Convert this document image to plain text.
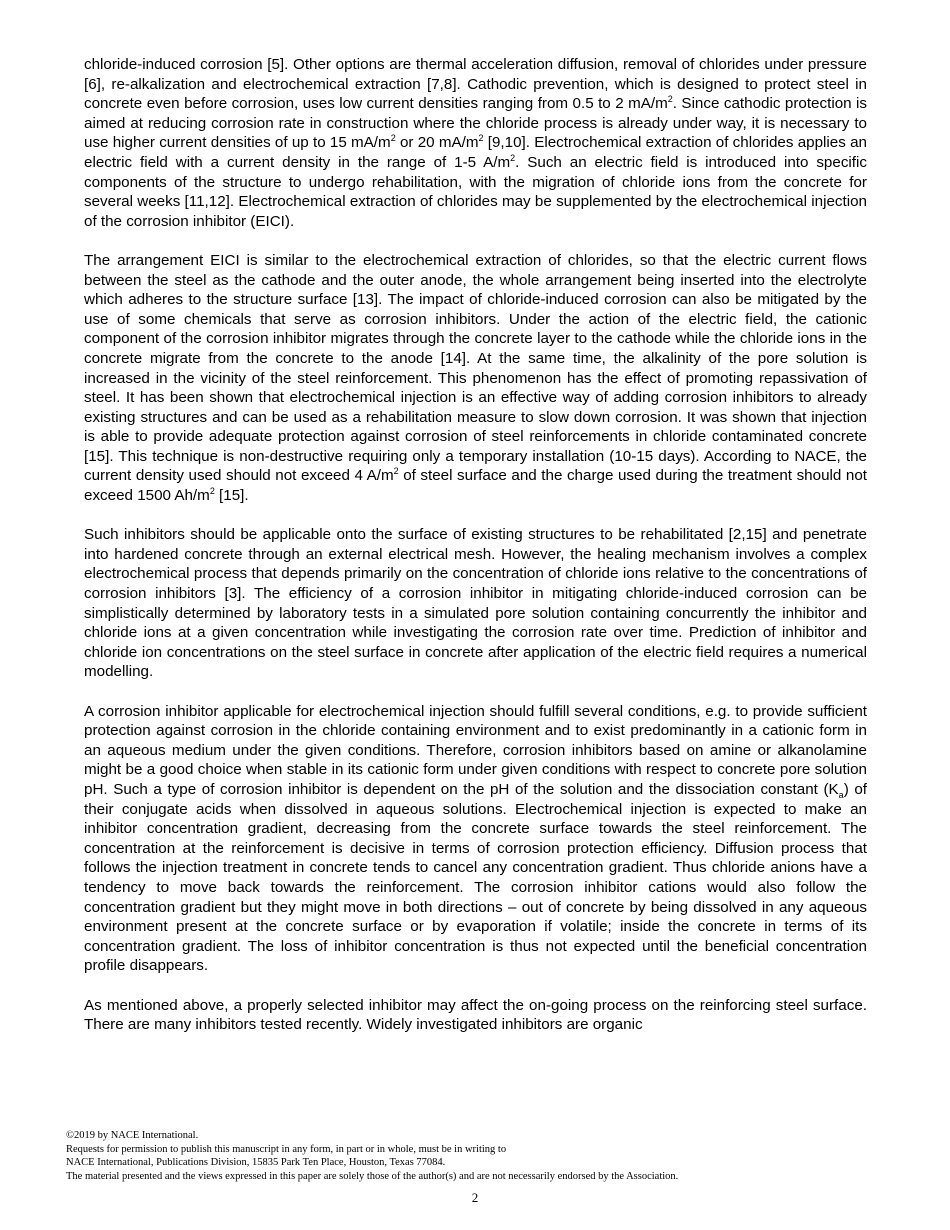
chloride-induced corrosion [5]. Other options are thermal acceleration diffusion, removal of chlorides under pressure [6], re-alkalization and electrochemical extraction [7,8]. Cathodic prevention, which is designed to protect steel in concrete even before corrosion, uses low current densities ranging from 0.5 to 2 $mA/m^2$. Since cathodic protection is aimed at reducing corrosion rate in construction where the chloride process is already under way, it is necessary to use higher current densities of up to 15 $mA/m^2$ or 20 $mA/m^2$ [9,10]. Electrochemical extraction of chlorides applies an electric field with a current density in the range of 1-5 $A/m^2$. Such an electric field is introduced into specific components of the structure to undergo rehabilitation, with the migration of chloride ions from the concrete for several weeks [11,12]. Electrochemical extraction of chlorides may be supplemented by the electrochemical injection of the corrosion inhibitor (EICI).

The arrangement EICI is similar to the electrochemical extraction of chlorides, so that the electric current flows between the steel as the cathode and the outer anode, the whole arrangement being inserted into the electrolyte which adheres to the structure surface [13]. The impact of chloride-induced corrosion can also be mitigated by the use of some chemicals that serve as corrosion inhibitors. Under the action of the electric field, the cationic component of the corrosion inhibitor migrates through the concrete layer to the cathode while the chloride ions in the concrete migrate from the concrete to the anode [14]. At the same time, the alkalinity of the pore solution is increased in the vicinity of the steel reinforcement. This phenomenon has the effect of promoting repassivation of steel. It has been shown that electrochemical injection is an effective way of adding corrosion inhibitors to already existing structures and can be used as a rehabilitation measure to slow down corrosion. It was shown that injection is able to provide adequate protection against corrosion of steel reinforcements in chloride contaminated concrete [15]. This technique is non-destructive requiring only a temporary installation (10-15 days). According to NACE, the current density used should not exceed 4 $A/m^2$ of steel surface and the charge used during the treatment should not exceed 1500 $Ah/m^2$ [15].

Such inhibitors should be applicable onto the surface of existing structures to be rehabilitated [2,15] and penetrate into hardened concrete through an external electrical mesh. However, the healing mechanism involves a complex electrochemical process that depends primarily on the concentration of chloride ions relative to the concentrations of corrosion inhibitors [3]. The efficiency of a corrosion inhibitor in mitigating chloride-induced corrosion can be simplistically determined by laboratory tests in a simulated pore solution containing concurrently the inhibitor and chloride ions at a given concentration while investigating the corrosion rate over time. Prediction of inhibitor and chloride ion concentrations on the steel surface in concrete after application of the electric field requires a numerical modelling.

A corrosion inhibitor applicable for electrochemical injection should fulfill several conditions, e.g. to provide sufficient protection against corrosion in the chloride containing environment and to exist predominantly in a cationic form in an aqueous medium under the given conditions. Therefore, corrosion inhibitors based on amine or alkanolamine might be a good choice when stable in its cationic form under given conditions with respect to concrete pore solution pH. Such a type of corrosion inhibitor is dependent on the pH of the solution and the dissociation constant $(K_a)$ of their conjugate acids when dissolved in aqueous solutions. Electrochemical injection is expected to make an inhibitor concentration gradient, decreasing from the concrete surface towards the steel reinforcement. The concentration at the reinforcement is decisive in terms of corrosion protection efficiency. Diffusion process that follows the injection treatment in concrete tends to cancel any concentration gradient. Thus chloride anions have a tendency to move back towards the reinforcement. The corrosion inhibitor cations would also follow the concentration gradient but they might move in both directions – out of concrete by being dissolved in any aqueous environment present at the concrete surface or by evaporation if volatile; inside the concrete in terms of its concentration gradient. The loss of inhibitor concentration is thus not expected until the beneficial concentration profile disappears.

As mentioned above, a properly selected inhibitor may affect the on-going process on the reinforcing steel surface. There are many inhibitors tested recently. Widely investigated inhibitors are organic

©2019 by NACE International.
Requests for permission to publish this manuscript in any form, in part or in whole, must be in writing to
NACE International, Publications Division, 15835 Park Ten Place, Houston, Texas 77084.
The material presented and the views expressed in this paper are solely those of the author(s) and are not necessarily endorsed by the Association.
2
